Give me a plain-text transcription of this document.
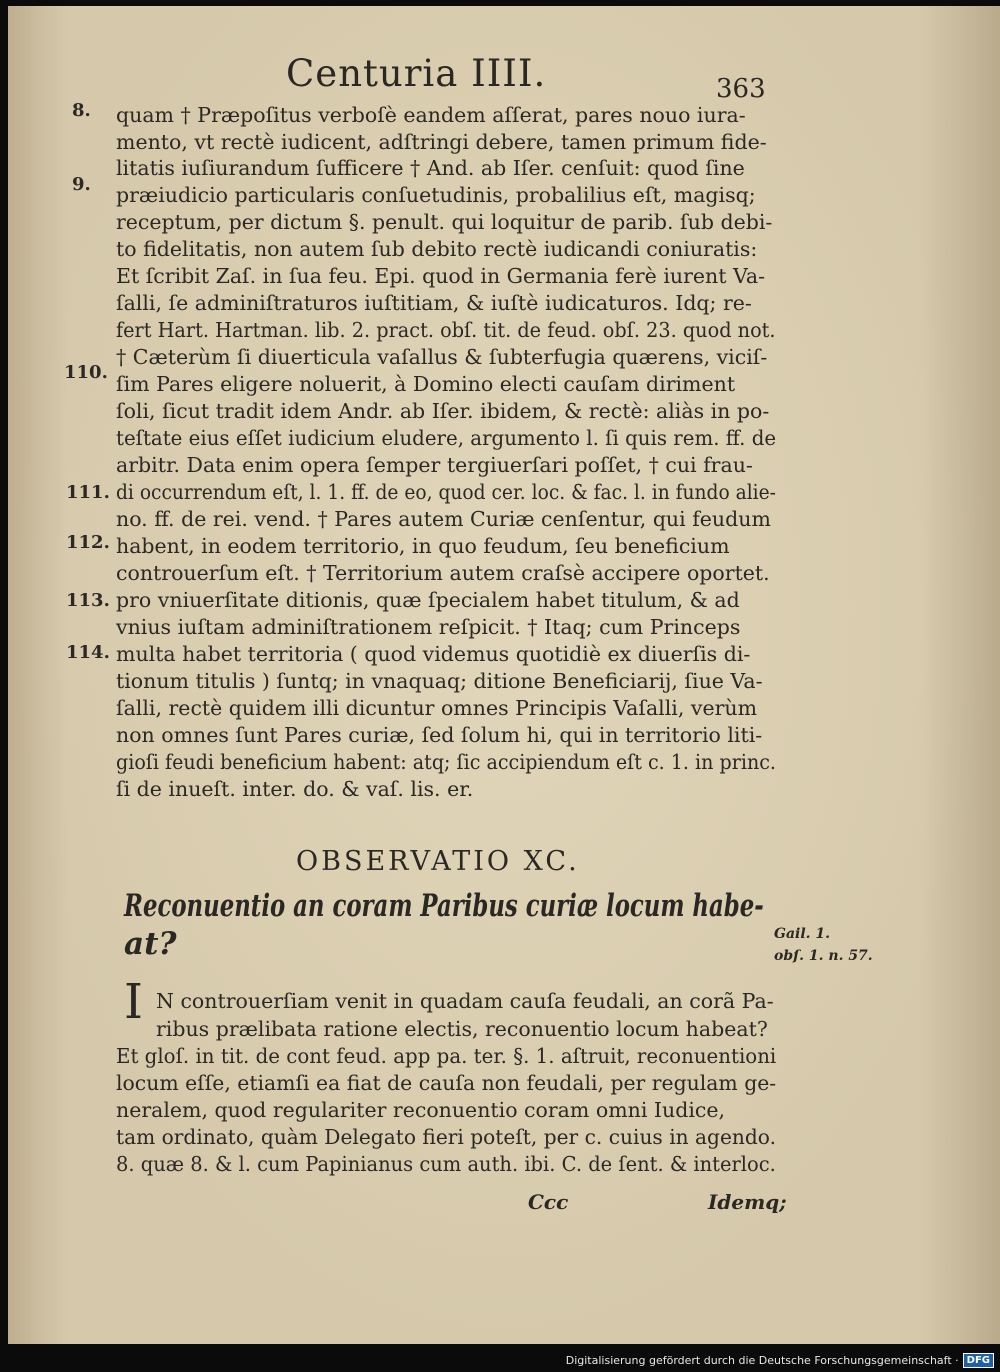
Centuria IIII.	363
8.
9.
110.
111.
112.
113.
114.
quam † Præpoſitus verboſè eandem aſſerat, pares nouo iura-
mento, vt rectè iudicent, adſtringi debere, tamen primum fide-
litatis iuſiurandum ſufficere † And. ab Iſer. cenſuit: quod ſine
præiudicio particularis conſuetudinis, probalilius eſt, magisq;
receptum, per dictum §. penult. qui loquitur de parib. ſub debi-
to fidelitatis, non autem ſub debito rectè iudicandi coniuratis:
Et ſcribit Zaſ. in ſua feu. Epi. quod in Germania ferè iurent Va-
ſalli, ſe adminiſtraturos iuſtitiam, & iuſtè iudicaturos. Idq; re-
fert Hart. Hartman. lib. 2. pract. obſ. tit. de feud. obſ. 23. quod not.
† Cæterùm ſi diuerticula vaſallus & ſubterfugia quærens, viciſ-
ſim Pares eligere noluerit, à Domino electi cauſam diriment
ſoli, ſicut tradit idem Andr. ab Iſer. ibidem, & rectè: aliàs in po-
teſtate eius eſſet iudicium eludere, argumento l. ſi quis rem. ff. de
arbitr. Data enim opera ſemper tergiuerſari poſſet, † cui frau-
di occurrendum eſt, l. 1. ff. de eo, quod cer. loc. & fac. l. in fundo alie-
no. ff. de rei. vend. † Pares autem Curiæ cenſentur, qui feudum
habent, in eodem territorio, in quo feudum, ſeu beneficium
controuerſum eſt. † Territorium autem craſsè accipere oportet.
pro vniuerſitate ditionis, quæ ſpecialem habet titulum, & ad
vnius iuſtam adminiſtrationem reſpicit. † Itaq; cum Princeps
multa habet territoria ( quod videmus quotidiè ex diuerſis di-
tionum titulis ) ſuntq; in vnaquaq; ditione Beneficiarij, ſiue Va-
ſalli, rectè quidem illi dicuntur omnes Principis Vaſalli, verùm
non omnes ſunt Pares curiæ, ſed ſolum hi, qui in territorio liti-
gioſi feudi beneficium habent: atq; ſic accipiendum eſt c. 1. in princ.
ſi de inueſt. inter. do. & vaſ. lis. er.
OBSERVATIO XC.
Reconuentio an coram Paribus curiæ locum habe-
at?	Gail. 1.
obſ. 1. n. 57.
I N controuerſiam venit in quadam cauſa feudali, an corã Pa-
ribus prælibata ratione electis, reconuentio locum habeat?
Et gloſ. in tit. de cont feud. app pa. ter. §. 1. aſtruit, reconuentioni
locum eſſe, etiamſi ea fiat de cauſa non feudali, per regulam ge-
neralem, quod regulariter reconuentio coram omni Iudice,
tam ordinato, quàm Delegato fieri poteſt, per c. cuius in agendo.
8. quæ 8. & l. cum Papinianus cum auth. ibi. C. de ſent. & interloc.
Ccc	Idemq;
Digitalisierung gefördert durch die Deutsche Forschungsgemeinschaft · DFG
